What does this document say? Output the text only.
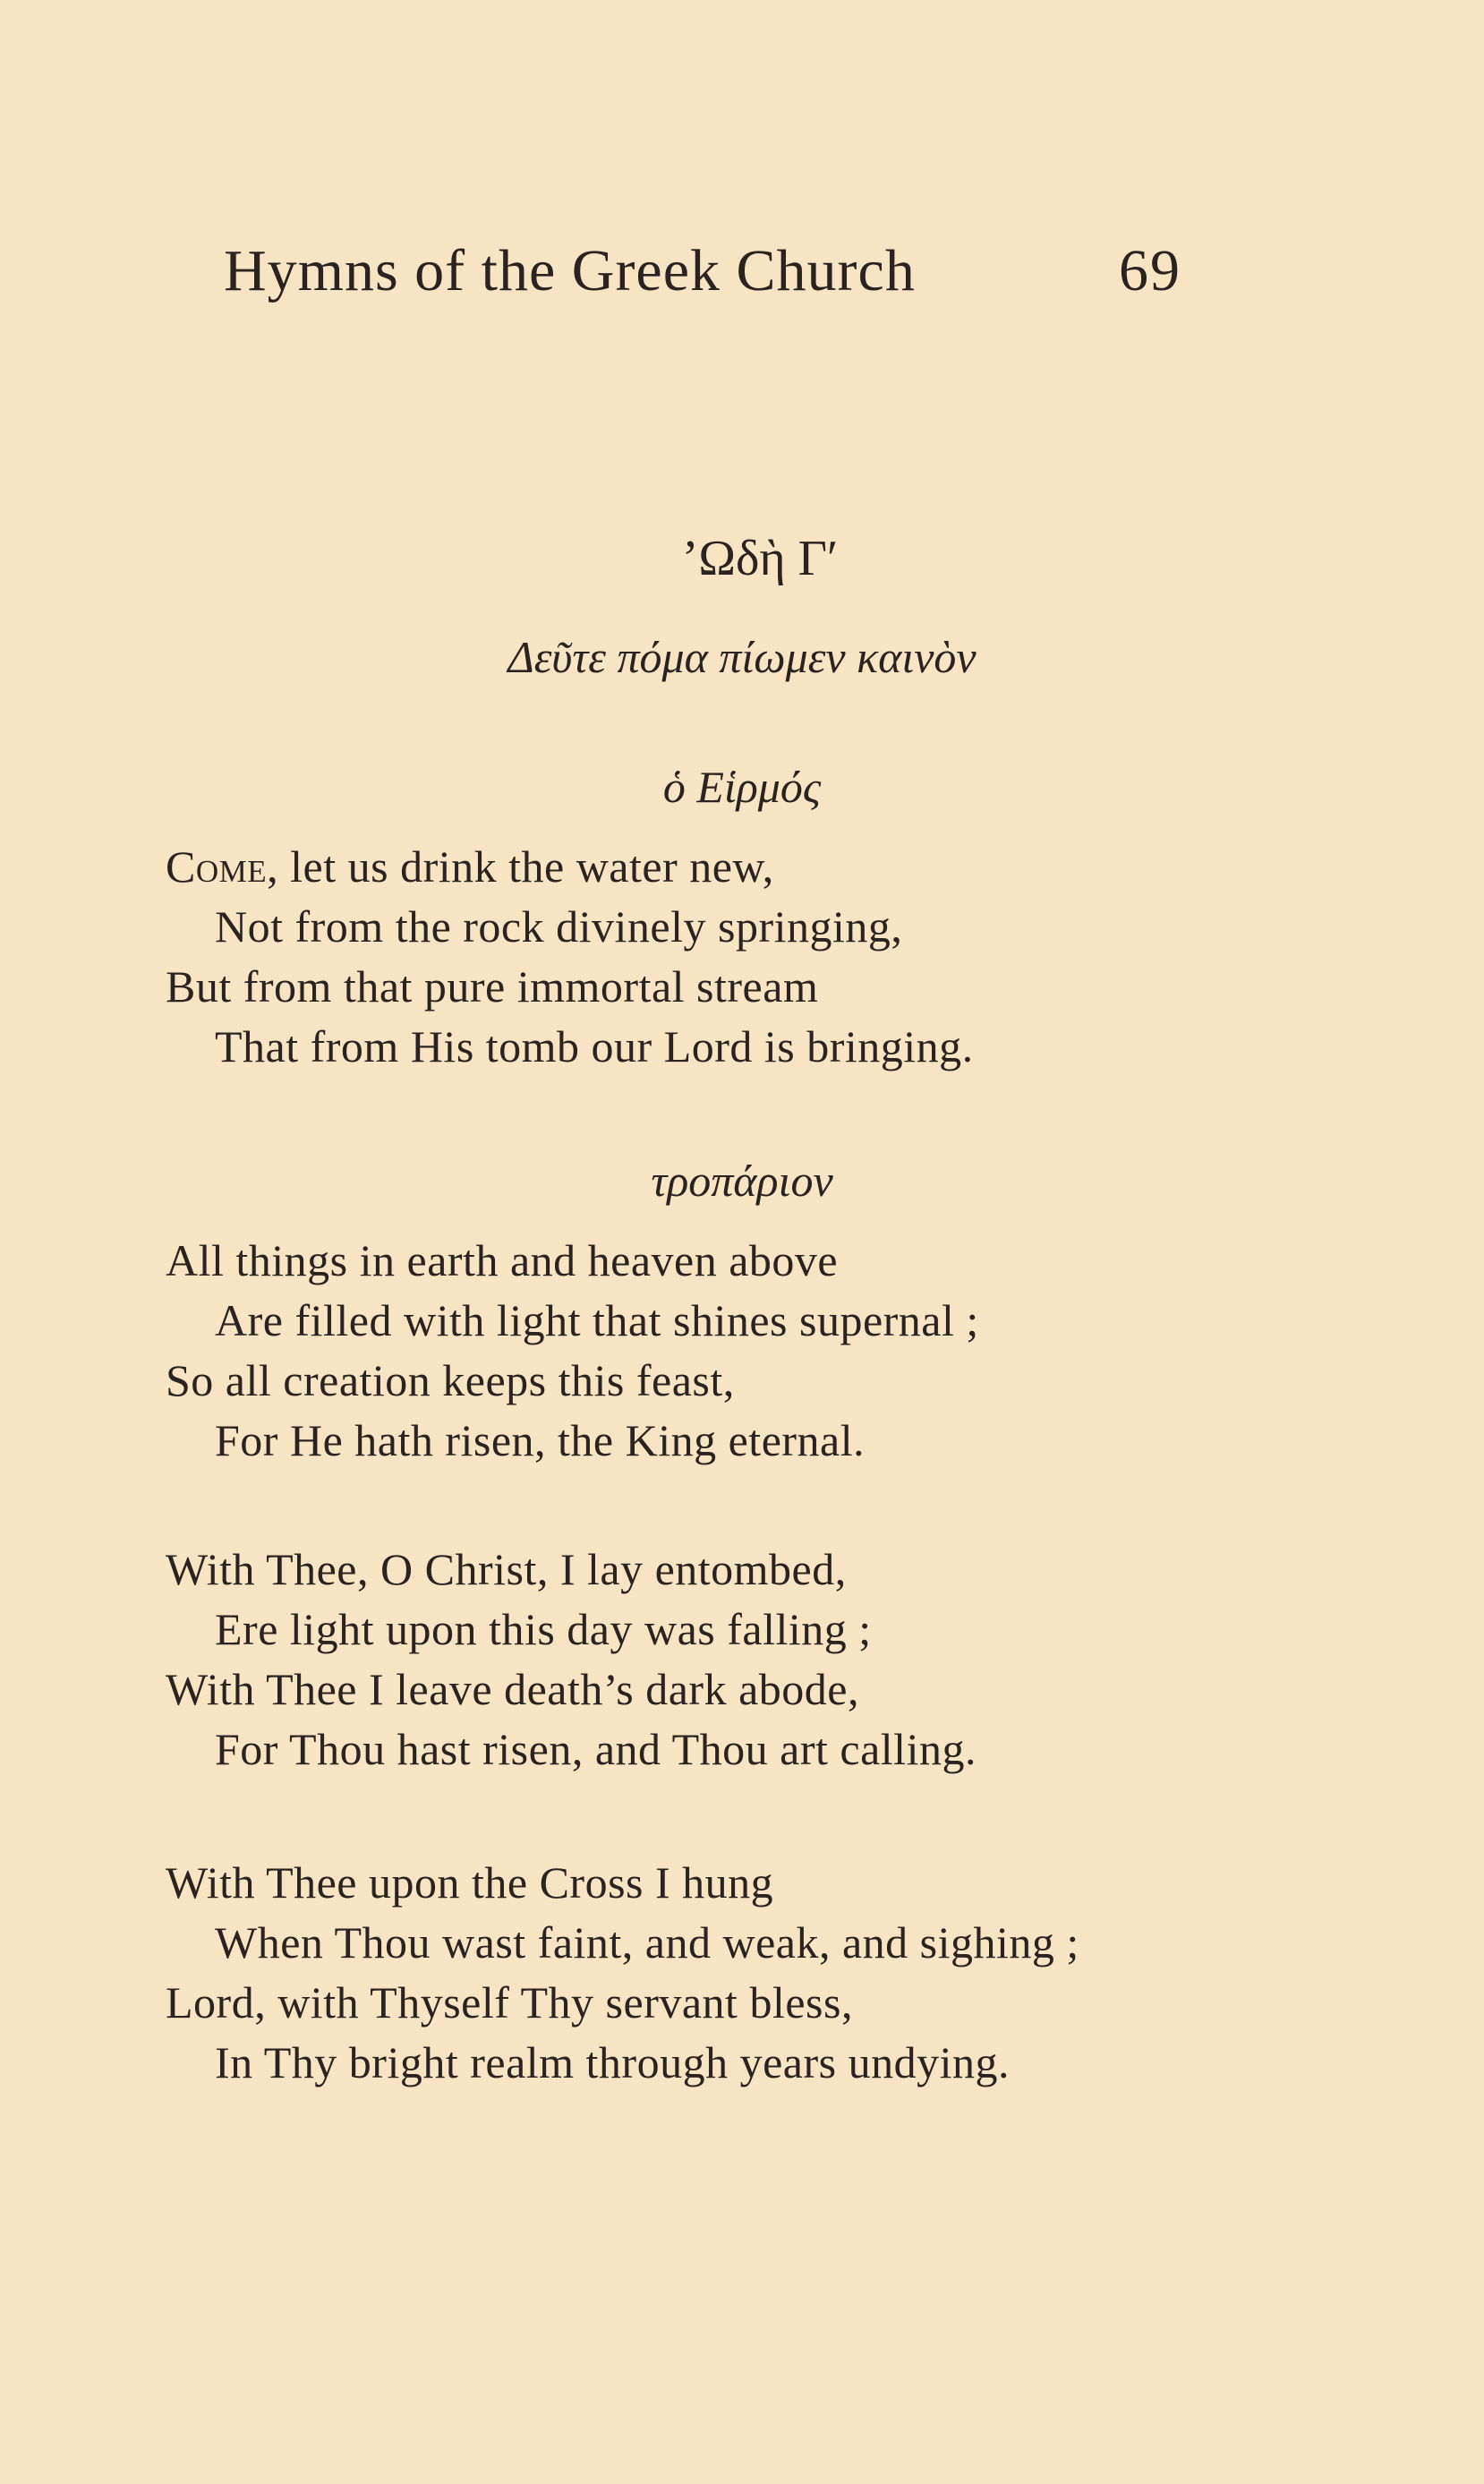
Hymns of the Greek Church	69
’Ωδὴ Γ′
Δεῦτε πόμα πίωμεν καινὸν
ὁ Εἱρμός
Come, let us drink the water new,
Not from the rock divinely springing,
But from that pure immortal stream
That from His tomb our Lord is bringing.
τροπάριον
All things in earth and heaven above
Are filled with light that shines supernal ;
So all creation keeps this feast,
For He hath risen, the King eternal.
With Thee, O Christ, I lay entombed,
Ere light upon this day was falling ;
With Thee I leave death’s dark abode,
For Thou hast risen, and Thou art calling.
With Thee upon the Cross I hung
When Thou wast faint, and weak, and sighing ;
Lord, with Thyself Thy servant bless,
In Thy bright realm through years undying.
